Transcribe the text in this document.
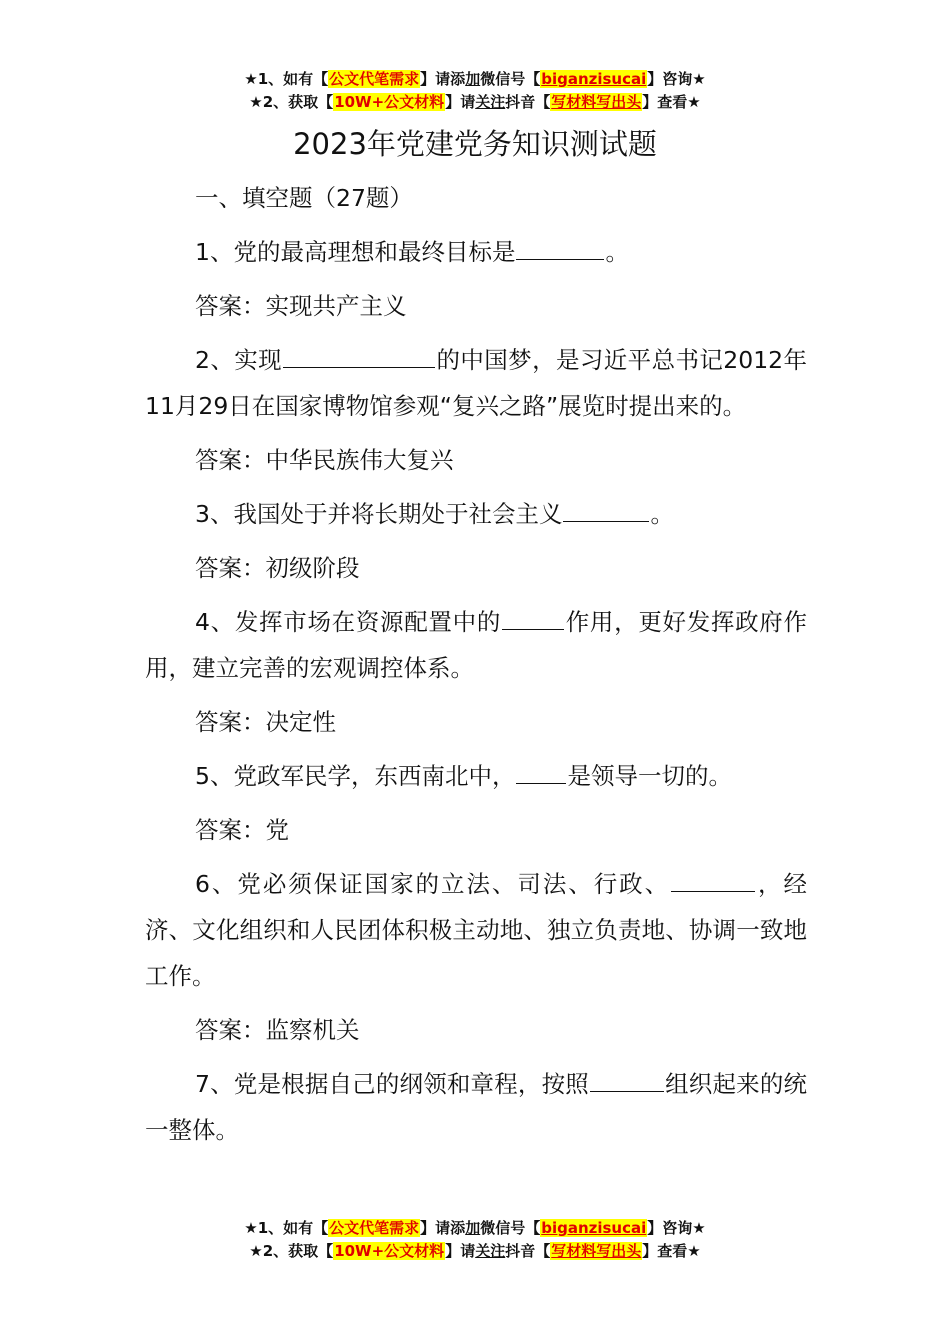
★1、如有【公文代笔需求】请添加微信号【biganzisucai】咨询★
★2、获取【10W+公文材料】请关注抖音【写材料写出头】查看★
2023年党建党务知识测试题

一、填空题（27题）

1、党的最高理想和最终目标是	。

答案：实现共产主义

2、实现	的中国梦，是习近平总书记2012年11月29日在国家博物馆参观“复兴之路”展览时提出来的。

答案：中华民族伟大复兴

3、我国处于并将长期处于社会主义	。

答案：初级阶段

4、发挥市场在资源配置中的	作用，更好发挥政府作用，建立完善的宏观调控体系。

答案：决定性

5、党政军民学，东西南北中， 是领导一切的。

答案：党

6、党必须保证国家的立法、司法、行政、	，经济、文化组织和人民团体积极主动地、独立负责地、协调一致地工作。

答案：监察机关

7、党是根据自己的纲领和章程，按照	组织起来的统一整体。

★1、如有【公文代笔需求】请添加微信号【biganzisucai】咨询★
★2、获取【10W+公文材料】请关注抖音【写材料写出头】查看★
